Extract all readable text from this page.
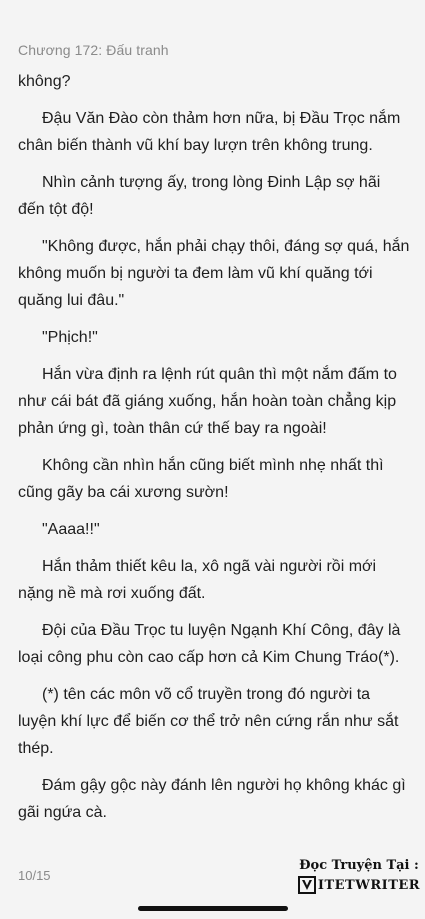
Chương 172: Đấu tranh

không?

Đậu Văn Đào còn thảm hơn nữa, bị Đầu Trọc nắm chân biến thành vũ khí bay lượn trên không trung.

Nhìn cảnh tượng ấy, trong lòng Đinh Lập sợ hãi đến tột độ!

"Không được, hắn phải chạy thôi, đáng sợ quá, hắn không muốn bị người ta đem làm vũ khí quăng tới quăng lui đâu."

"Phịch!"

Hắn vừa định ra lệnh rút quân thì một nắm đấm to như cái bát đã giáng xuống, hắn hoàn toàn chẳng kịp phản ứng gì, toàn thân cứ thế bay ra ngoài!

Không cần nhìn hắn cũng biết mình nhẹ nhất thì cũng gãy ba cái xương sườn!

"Aaaa!!"

Hắn thảm thiết kêu la, xô ngã vài người rồi mới nặng nề mà rơi xuống đất.

Đội của Đầu Trọc tu luyện Ngạnh Khí Công, đây là loại công phu còn cao cấp hơn cả Kim Chung Tráo(*).

(*) tên các môn võ cổ truyền trong đó người ta luyện khí lực để biến cơ thể trở nên cứng rắn như sắt thép.

Đám gậy gộc này đánh lên người họ không khác gì gãi ngứa cà.

10/15
Đọc Truyện Tại :
ITETWRITER
